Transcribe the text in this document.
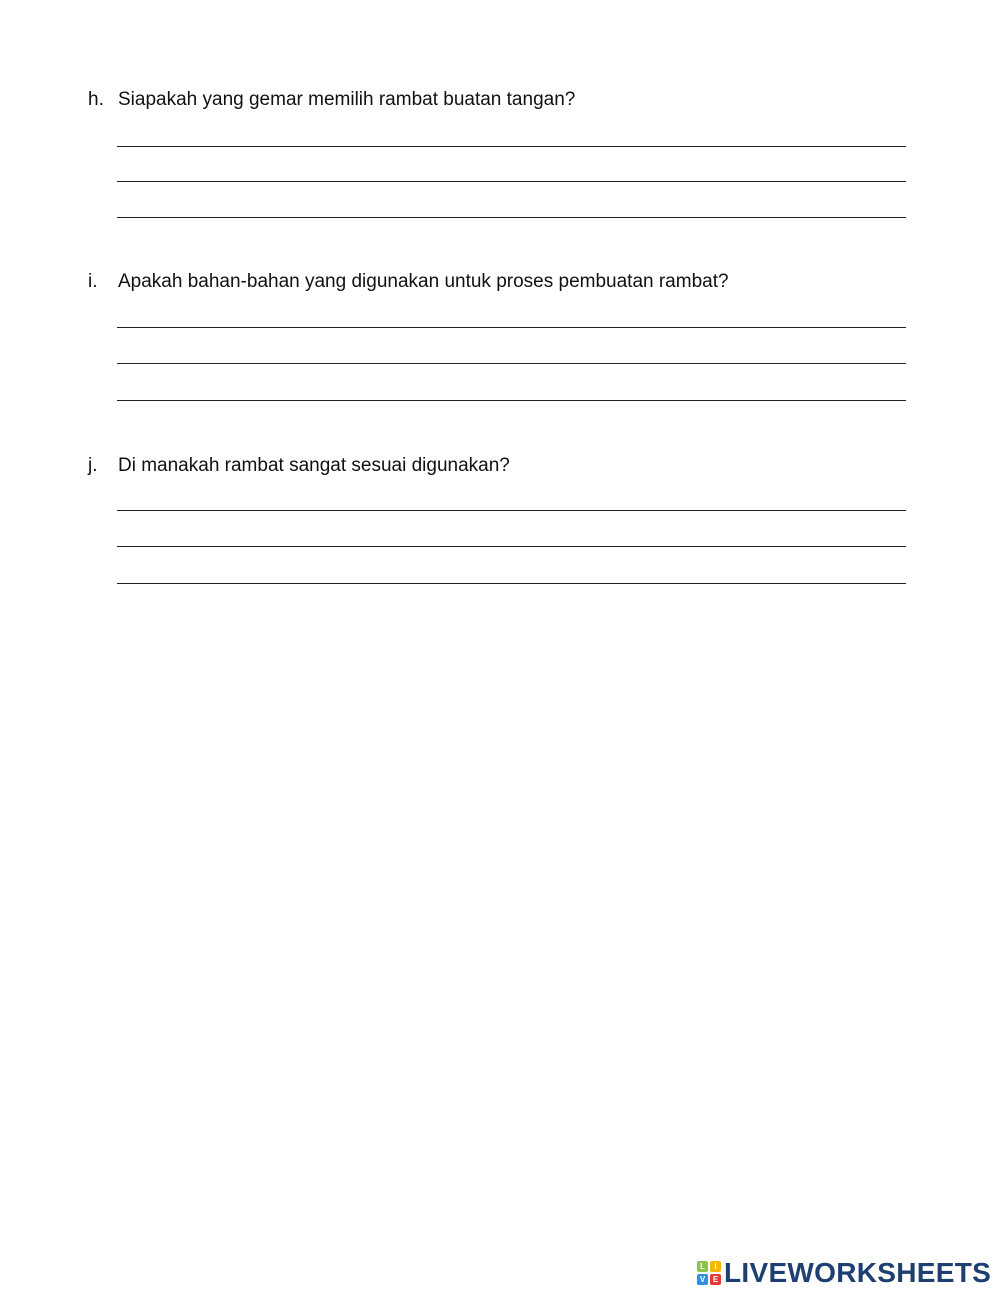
h. Siapakah yang gemar memilih rambat buatan tangan?
i. Apakah bahan-bahan yang digunakan untuk proses pembuatan rambat?
j. Di manakah rambat sangat sesuai digunakan?
L	I
V E LIVEWORKSHEETS
